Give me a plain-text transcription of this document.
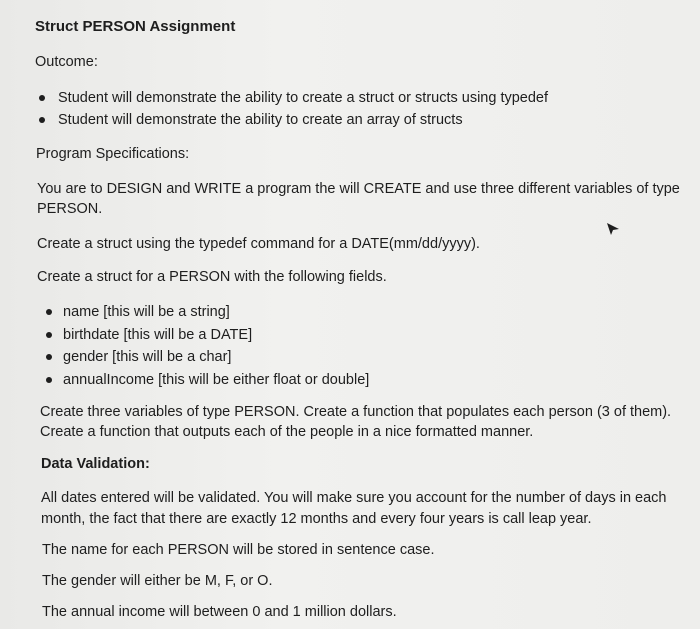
Struct PERSON Assignment
Outcome:
Student will demonstrate the ability to create a struct or structs using typedef
Student will demonstrate the ability to create an array of structs
Program Specifications:
You are to DESIGN and WRITE a program the will CREATE and use three different variables of type
PERSON.
Create a struct using the typedef command for a DATE(mm/dd/yyyy).
Create a struct for a PERSON with the following fields.
name [this will be a string]
birthdate [this will be a DATE]
gender [this will be a char]
annualIncome [this will be either float or double]
Create three variables of type PERSON. Create a function that populates each person (3 of them).
Create a function that outputs each of the people in a nice formatted manner.
Data Validation:
All dates entered will be validated. You will make sure you account for the number of days in each
month, the fact that there are exactly 12 months and every four years is call leap year.
The name for each PERSON will be stored in sentence case.
The gender will either be M, F, or O.
The annual income will between 0 and 1 million dollars.
